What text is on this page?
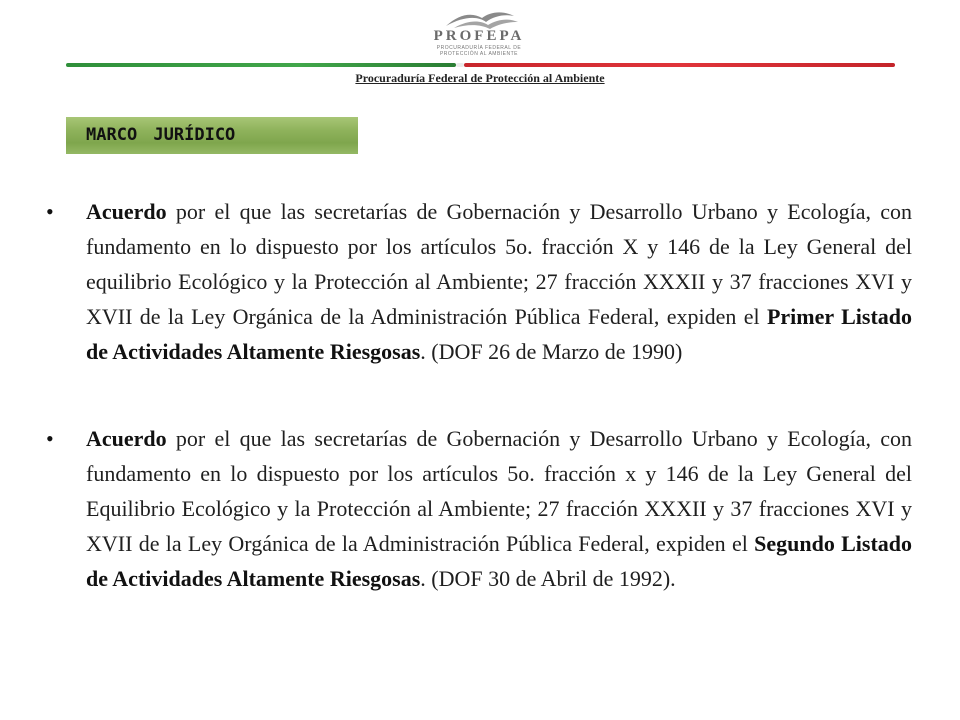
PROFEPA
PROCURADURÍA FEDERAL DE PROTECCIÓN AL AMBIENTE
Procuraduría Federal de Protección al Ambiente
MARCO JURÍDICO
•	Acuerdo por el que las secretarías de Gobernación y Desarrollo Urbano y Ecología, con fundamento en lo dispuesto por los artículos 5o. fracción X y 146 de la Ley General del equilibrio Ecológico y la Protección al Ambiente; 27 fracción XXXII y 37 fracciones XVI y XVII de la Ley Orgánica de la Administración Pública Federal, expiden el Primer Listado de Actividades Altamente Riesgosas. (DOF 26 de Marzo de 1990)
•	Acuerdo por el que las secretarías de Gobernación y Desarrollo Urbano y Ecología, con fundamento en lo dispuesto por los artículos 5o. fracción x y 146 de la Ley General del Equilibrio Ecológico y la Protección al Ambiente; 27 fracción XXXII y 37 fracciones XVI y XVII de la Ley Orgánica de la Administración Pública Federal, expiden el Segundo Listado de Actividades Altamente Riesgosas. (DOF 30 de Abril de 1992).
